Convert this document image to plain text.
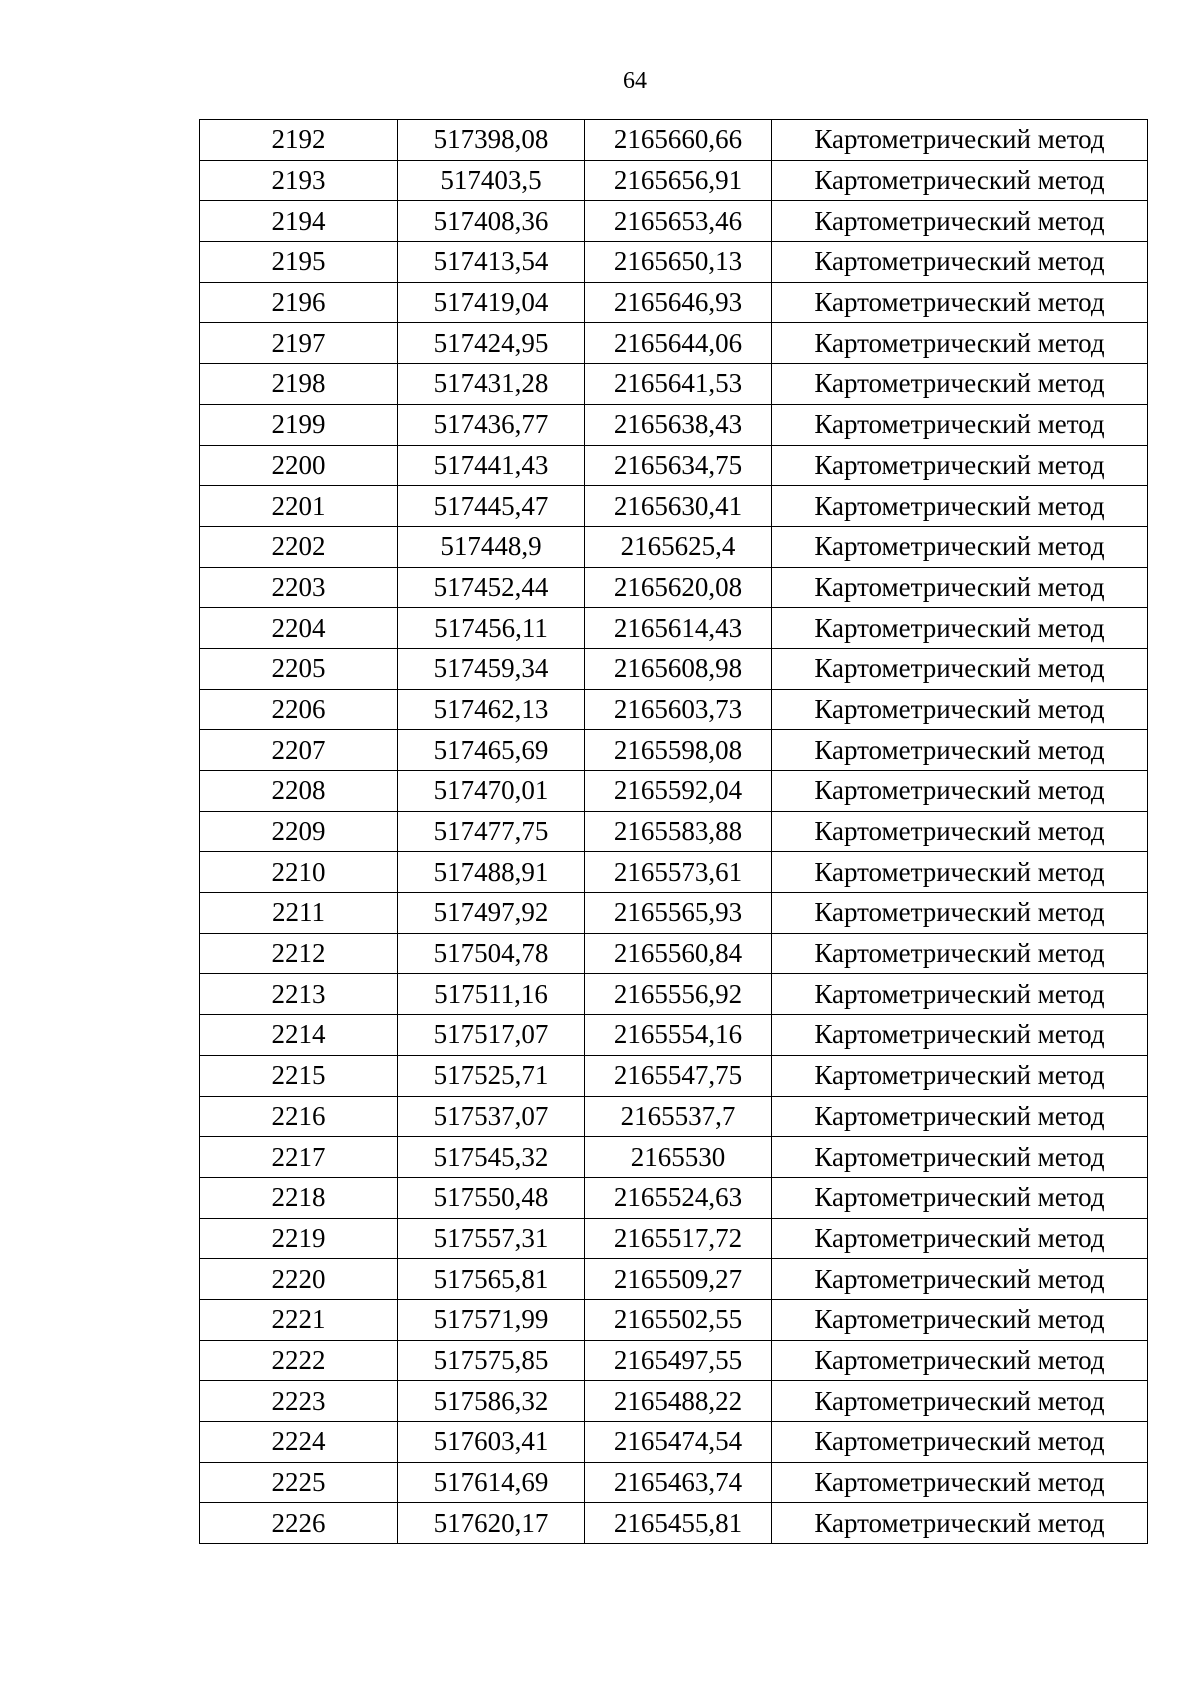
64
2192	517398,08	2165660,66	Картометрический метод
2193	517403,5	2165656,91	Картометрический метод
2194	517408,36	2165653,46	Картометрический метод
2195	517413,54	2165650,13	Картометрический метод
2196	517419,04	2165646,93	Картометрический метод
2197	517424,95	2165644,06	Картометрический метод
2198	517431,28	2165641,53	Картометрический метод
2199	517436,77	2165638,43	Картометрический метод
2200	517441,43	2165634,75	Картометрический метод
2201	517445,47	2165630,41	Картометрический метод
2202	517448,9	2165625,4	Картометрический метод
2203	517452,44	2165620,08	Картометрический метод
2204	517456,11	2165614,43	Картометрический метод
2205	517459,34	2165608,98	Картометрический метод
2206	517462,13	2165603,73	Картометрический метод
2207	517465,69	2165598,08	Картометрический метод
2208	517470,01	2165592,04	Картометрический метод
2209	517477,75	2165583,88	Картометрический метод
2210	517488,91	2165573,61	Картометрический метод
2211	517497,92	2165565,93	Картометрический метод
2212	517504,78	2165560,84	Картометрический метод
2213	517511,16	2165556,92	Картометрический метод
2214	517517,07	2165554,16	Картометрический метод
2215	517525,71	2165547,75	Картометрический метод
2216	517537,07	2165537,7	Картометрический метод
2217	517545,32	2165530	Картометрический метод
2218	517550,48	2165524,63	Картометрический метод
2219	517557,31	2165517,72	Картометрический метод
2220	517565,81	2165509,27	Картометрический метод
2221	517571,99	2165502,55	Картометрический метод
2222	517575,85	2165497,55	Картометрический метод
2223	517586,32	2165488,22	Картометрический метод
2224	517603,41	2165474,54	Картометрический метод
2225	517614,69	2165463,74	Картометрический метод
2226	517620,17	2165455,81	Картометрический метод
